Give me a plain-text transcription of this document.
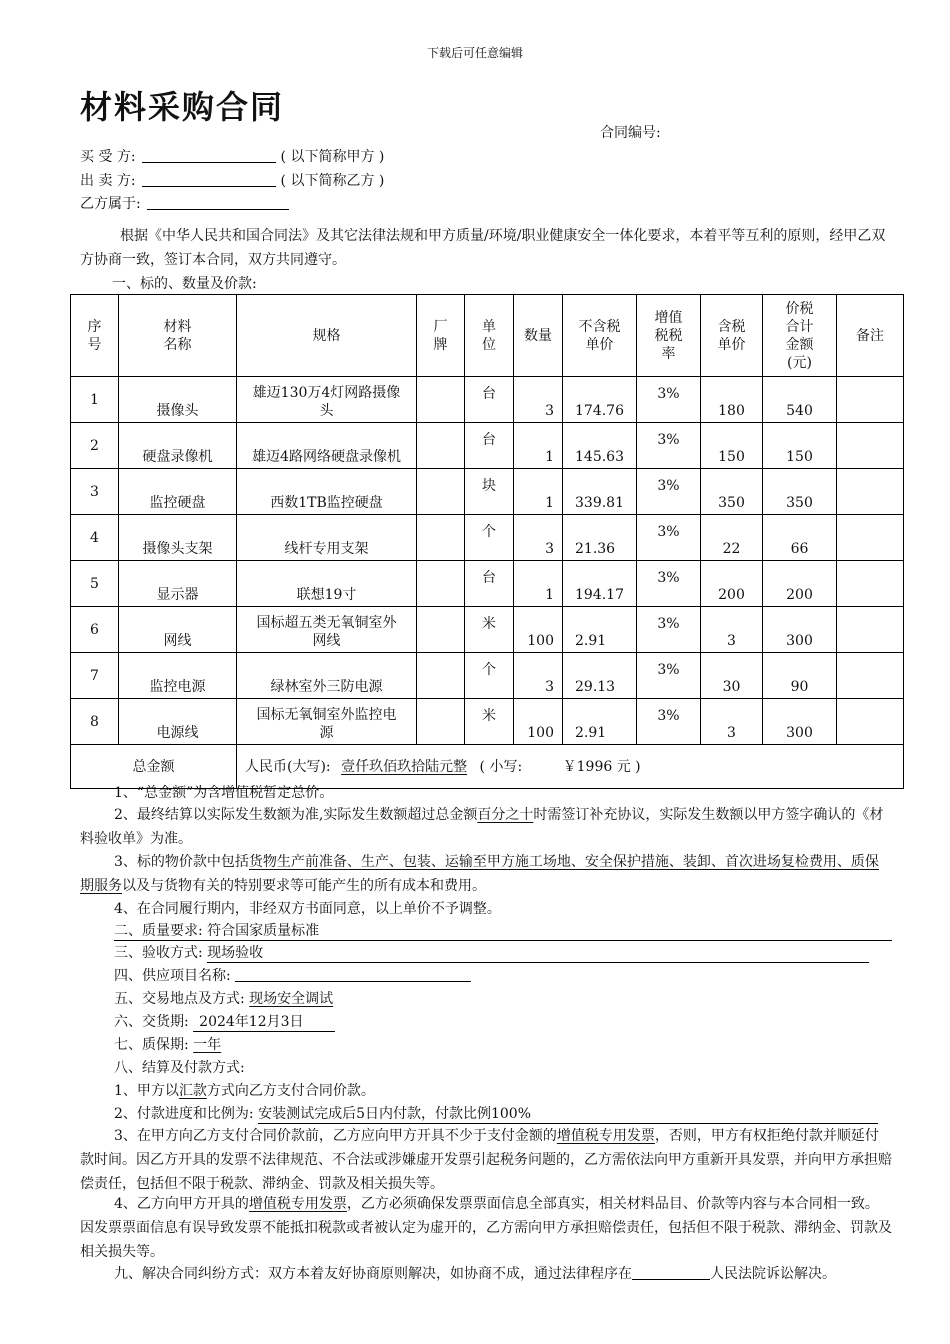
下载后可任意编辑
材料采购合同
合同编号:
买 受 方:	( 以下简称甲方 )
出 卖 方:	( 以下简称乙方 )
乙方属于:
根据《中华人民共和国合同法》及其它法律法规和甲方质量/环境/职业健康安全一体化要求，本着平等互利的原则，经甲乙双方协商一致，签订本合同，双方共同遵守。
一、标的、数量及价款:
序号	材料名称	规格	厂牌	单位	数量	不含税单价	增值税税率	含税单价	价税合计金额(元)	备注

1	摄像头	雄迈130万4灯网路摄像头		台	3	174.76	3%	180	540	

2	硬盘录像机	雄迈4路网络硬盘录像机		台	1	145.63	3%	150	150	

3	监控硬盘	西数1TB监控硬盘		块	1	339.81	3%	350	350	

4	摄像头支架	线杆专用支架		个	3	21.36	3%	22	66	

5	显示器	联想19寸		台	1	194.17	3%	200	200	

6	网线	国标超五类无氧铜室外网线		米	100	2.91	3%	3	300	

7	监控电源	绿林室外三防电源		个	3	29.13	3%	30	90	

8	电源线	国标无氧铜室外监控电源		米	100	2.91	3%	3	300	

总金额		人民币(大写): 壹仟玖佰玖拾陆元整 ( 小写: ￥1996 元 )								
1、“总金额”为含增值税暂定总价。
2、最终结算以实际发生数额为准,实际发生数额超过总金额百分之十时需签订补充协议，实际发生数额以甲方签字确认的《材料验收单》为准。
3、标的物价款中包括货物生产前准备、生产、包装、运输至甲方施工场地、安全保护措施、装卸、首次进场复检费用、质保期服务以及与货物有关的特别要求等可能产生的所有成本和费用。
4、在合同履行期内，非经双方书面同意，以上单价不予调整。
二、质量要求: 符合国家质量标准
三、验收方式: 现场验收
四、供应项目名称:
五、交易地点及方式: 现场安全调试
六、交货期: 2024年12月3日
七、质保期: 一年
八、结算及付款方式:
1、甲方以汇款方式向乙方支付合同价款。
2、付款进度和比例为: 安装测试完成后5日内付款，付款比例100%
3、在甲方向乙方支付合同价款前，乙方应向甲方开具不少于支付金额的增值税专用发票，否则，甲方有权拒绝付款并顺延付款时间。因乙方开具的发票不法律规范、不合法或涉嫌虚开发票引起税务问题的，乙方需依法向甲方重新开具发票，并向甲方承担赔偿责任，包括但不限于税款、滞纳金、罚款及相关损失等。
4、乙方向甲方开具的增值税专用发票，乙方必须确保发票票面信息全部真实，相关材料品目、价款等内容与本合同相一致。因发票票面信息有误导致发票不能抵扣税款或者被认定为虚开的，乙方需向甲方承担赔偿责任，包括但不限于税款、滞纳金、罚款及相关损失等。
九、解决合同纠纷方式：双方本着友好协商原则解决，如协商不成，通过法律程序在	人民法院诉讼解决。
